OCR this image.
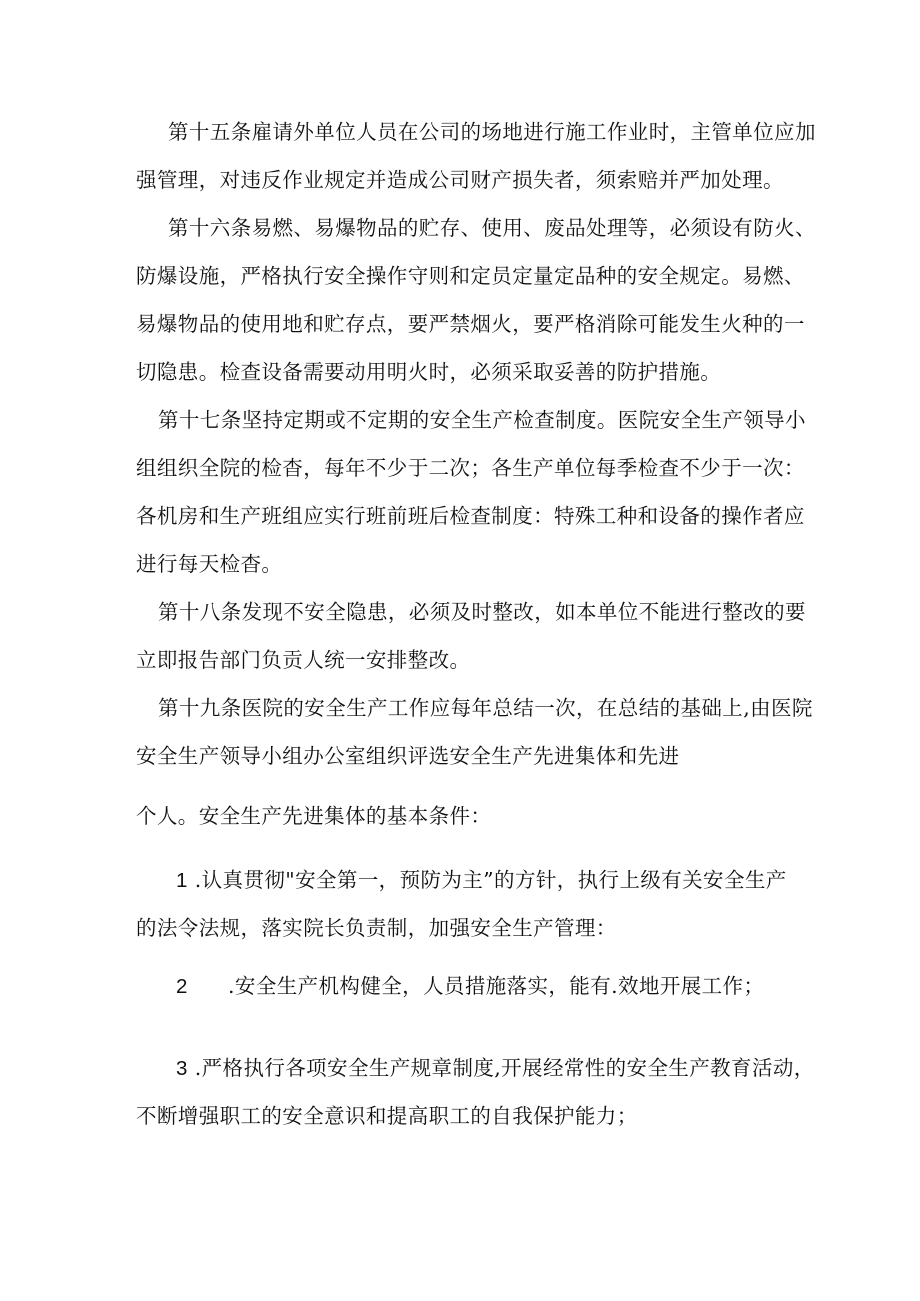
第十五条雇请外单位人员在公司的场地进行施工作业时，主管单位应加
强管理，对违反作业规定并造成公司财产损失者，须索赔并严加处理。
第十六条易燃、易爆物品的贮存、使用、废品处理等，必须设有防火、
防爆设施，严格执行安全操作守则和定员定量定品种的安全规定。易燃、
易爆物品的使用地和贮存点，要严禁烟火，要严格消除可能发生火种的一
切隐患。检查设备需要动用明火时，必须采取妥善的防护措施。
第十七条坚持定期或不定期的安全生产检查制度。医院安全生产领导小
组组织全院的检杳，每年不少于二次；各生产单位每季检查不少于一次：
各机房和生产班组应实行班前班后检查制度：特殊工种和设备的操作者应
进行每天检杳。
第十八条发现不安全隐患，必须及时整改，如本单位不能进行整改的要
立即报告部门负贡人统一安排整改。
第十九条医院的安全生产工作应每年总结一次，在总结的基础上,由医院
安全生产领导小组办公室组织评选安全生产先进集体和先进
个人。安全生产先进集体的基本条件：
1 .认真贯彻"安全第一，预防为主”的方针，执行上级有关安全生产
的法令法规，落实院长负责制，加强安全生产管理：
2 .安全生产机构健全，人员措施落实，能有.效地开展工作；
3 .严格执行各项安全生产规章制度,开展经常性的安全生产教育活动，
不断增强职工的安全意识和提高职工的自我保护能力；
